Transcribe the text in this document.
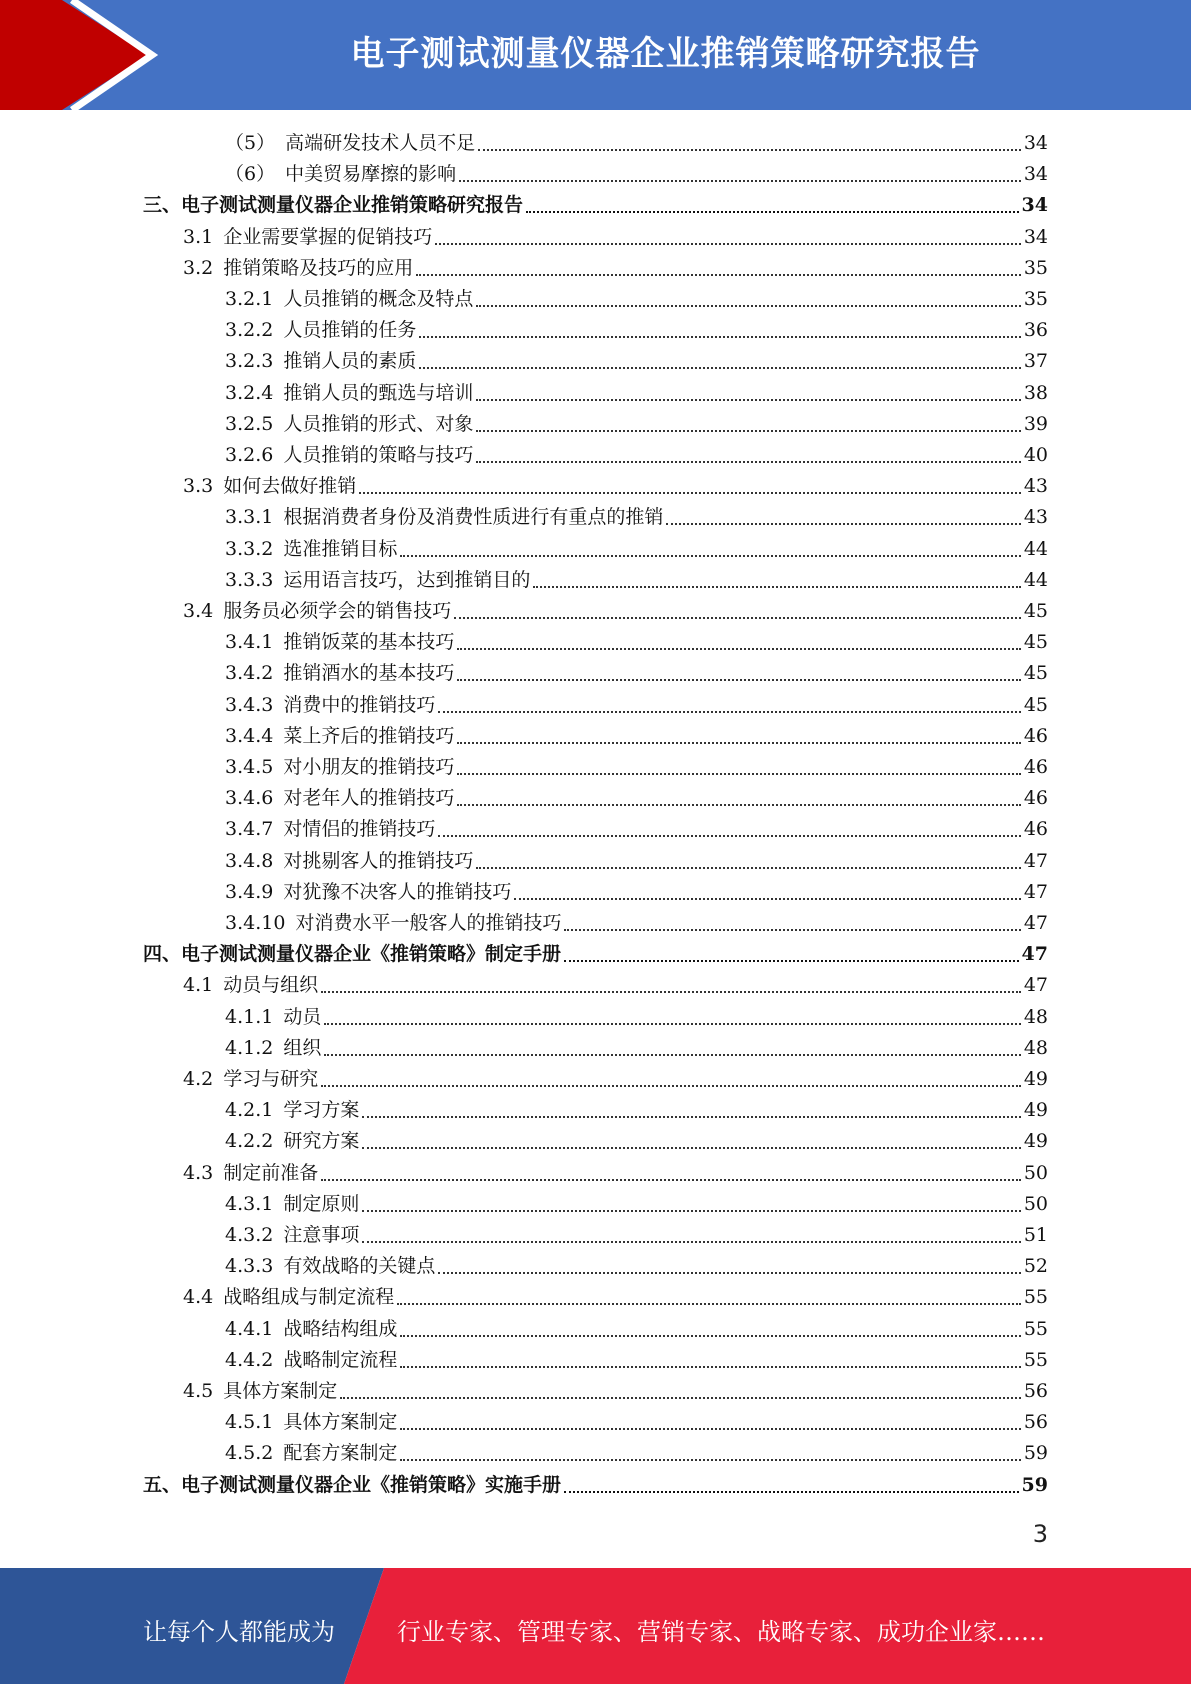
电子测试测量仪器企业推销策略研究报告
（5） 高端研发技术人员不足	34
（6） 中美贸易摩擦的影响	34
三、 电子测试测量仪器企业推销策略研究报告	34
3.1 企业需要掌握的促销技巧	34
3.2 推销策略及技巧的应用	35
3.2.1 人员推销的概念及特点	35
3.2.2 人员推销的任务	36
3.2.3 推销人员的素质	37
3.2.4 推销人员的甄选与培训	38
3.2.5 人员推销的形式、对象	39
3.2.6 人员推销的策略与技巧	40
3.3 如何去做好推销	43
3.3.1 根据消费者身份及消费性质进行有重点的推销	43
3.3.2 选准推销目标	44
3.3.3 运用语言技巧，达到推销目的	44
3.4 服务员必须学会的销售技巧	45
3.4.1 推销饭菜的基本技巧	45
3.4.2 推销酒水的基本技巧	45
3.4.3 消费中的推销技巧	45
3.4.4 菜上齐后的推销技巧	46
3.4.5 对小朋友的推销技巧	46
3.4.6 对老年人的推销技巧	46
3.4.7 对情侣的推销技巧	46
3.4.8 对挑剔客人的推销技巧	47
3.4.9 对犹豫不决客人的推销技巧	47
3.4.10 对消费水平一般客人的推销技巧	47
四、 电子测试测量仪器企业《推销策略》制定手册	47
4.1 动员与组织	47
4.1.1 动员	48
4.1.2 组织	48
4.2 学习与研究	49
4.2.1 学习方案	49
4.2.2 研究方案	49
4.3 制定前准备	50
4.3.1 制定原则	50
4.3.2 注意事项	51
4.3.3 有效战略的关键点	52
4.4 战略组成与制定流程	55
4.4.1 战略结构组成	55
4.4.2 战略制定流程	55
4.5 具体方案制定	56
4.5.1 具体方案制定	56
4.5.2 配套方案制定	59
五、 电子测试测量仪器企业《推销策略》实施手册	59
3
让每个人都能成为	行业专家、管理专家、营销专家、战略专家、成功企业家……
